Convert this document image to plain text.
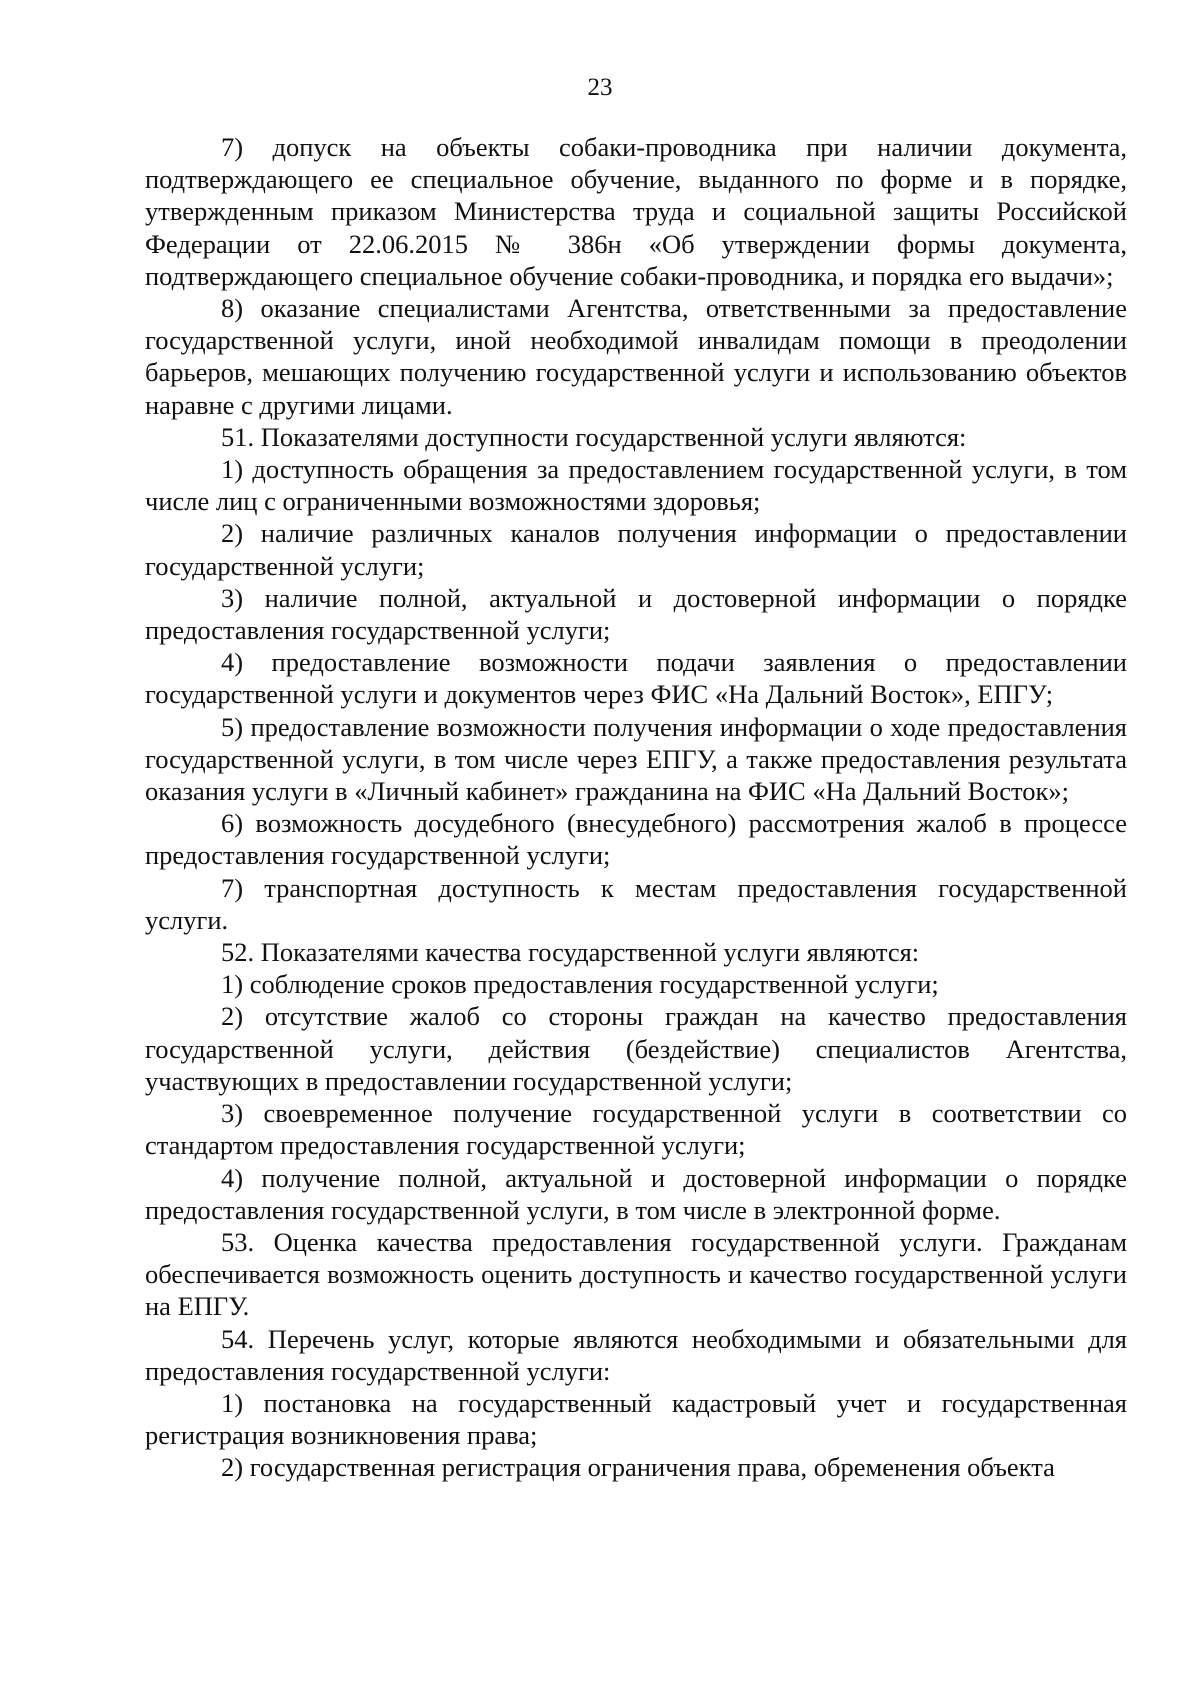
23

7) допуск на объекты собаки-проводника при наличии документа, подтверждающего ее специальное обучение, выданного по форме и в порядке, утвержденным приказом Министерства труда и социальной защиты Российской Федерации от 22.06.2015 № 386н «Об утверждении формы документа, подтверждающего специальное обучение собаки-проводника, и порядка его выдачи»;

8) оказание специалистами Агентства, ответственными за предоставление государственной услуги, иной необходимой инвалидам помощи в преодолении барьеров, мешающих получению государственной услуги и использованию объектов наравне с другими лицами.

51. Показателями доступности государственной услуги являются:

1) доступность обращения за предоставлением государственной услуги, в том числе лиц с ограниченными возможностями здоровья;

2) наличие различных каналов получения информации о предоставлении государственной услуги;

3) наличие полной, актуальной и достоверной информации о порядке предоставления государственной услуги;

4) предоставление возможности подачи заявления о предоставлении государственной услуги и документов через ФИС «На Дальний Восток», ЕПГУ;

5) предоставление возможности получения информации о ходе предоставления государственной услуги, в том числе через ЕПГУ, а также предоставления результата оказания услуги в «Личный кабинет» гражданина на ФИС «На Дальний Восток»;

6) возможность досудебного (внесудебного) рассмотрения жалоб в процессе предоставления государственной услуги;

7) транспортная доступность к местам предоставления государственной услуги.

52. Показателями качества государственной услуги являются:

1) соблюдение сроков предоставления государственной услуги;

2) отсутствие жалоб со стороны граждан на качество предоставления государственной услуги, действия (бездействие) специалистов Агентства, участвующих в предоставлении государственной услуги;

3) своевременное получение государственной услуги в соответствии со стандартом предоставления государственной услуги;

4) получение полной, актуальной и достоверной информации о порядке предоставления государственной услуги, в том числе в электронной форме.

53. Оценка качества предоставления государственной услуги. Гражданам обеспечивается возможность оценить доступность и качество государственной услуги на ЕПГУ.

54. Перечень услуг, которые являются необходимыми и обязательными для предоставления государственной услуги:

1) постановка на государственный кадастровый учет и государственная регистрация возникновения права;

2) государственная регистрация ограничения права, обременения объекта
